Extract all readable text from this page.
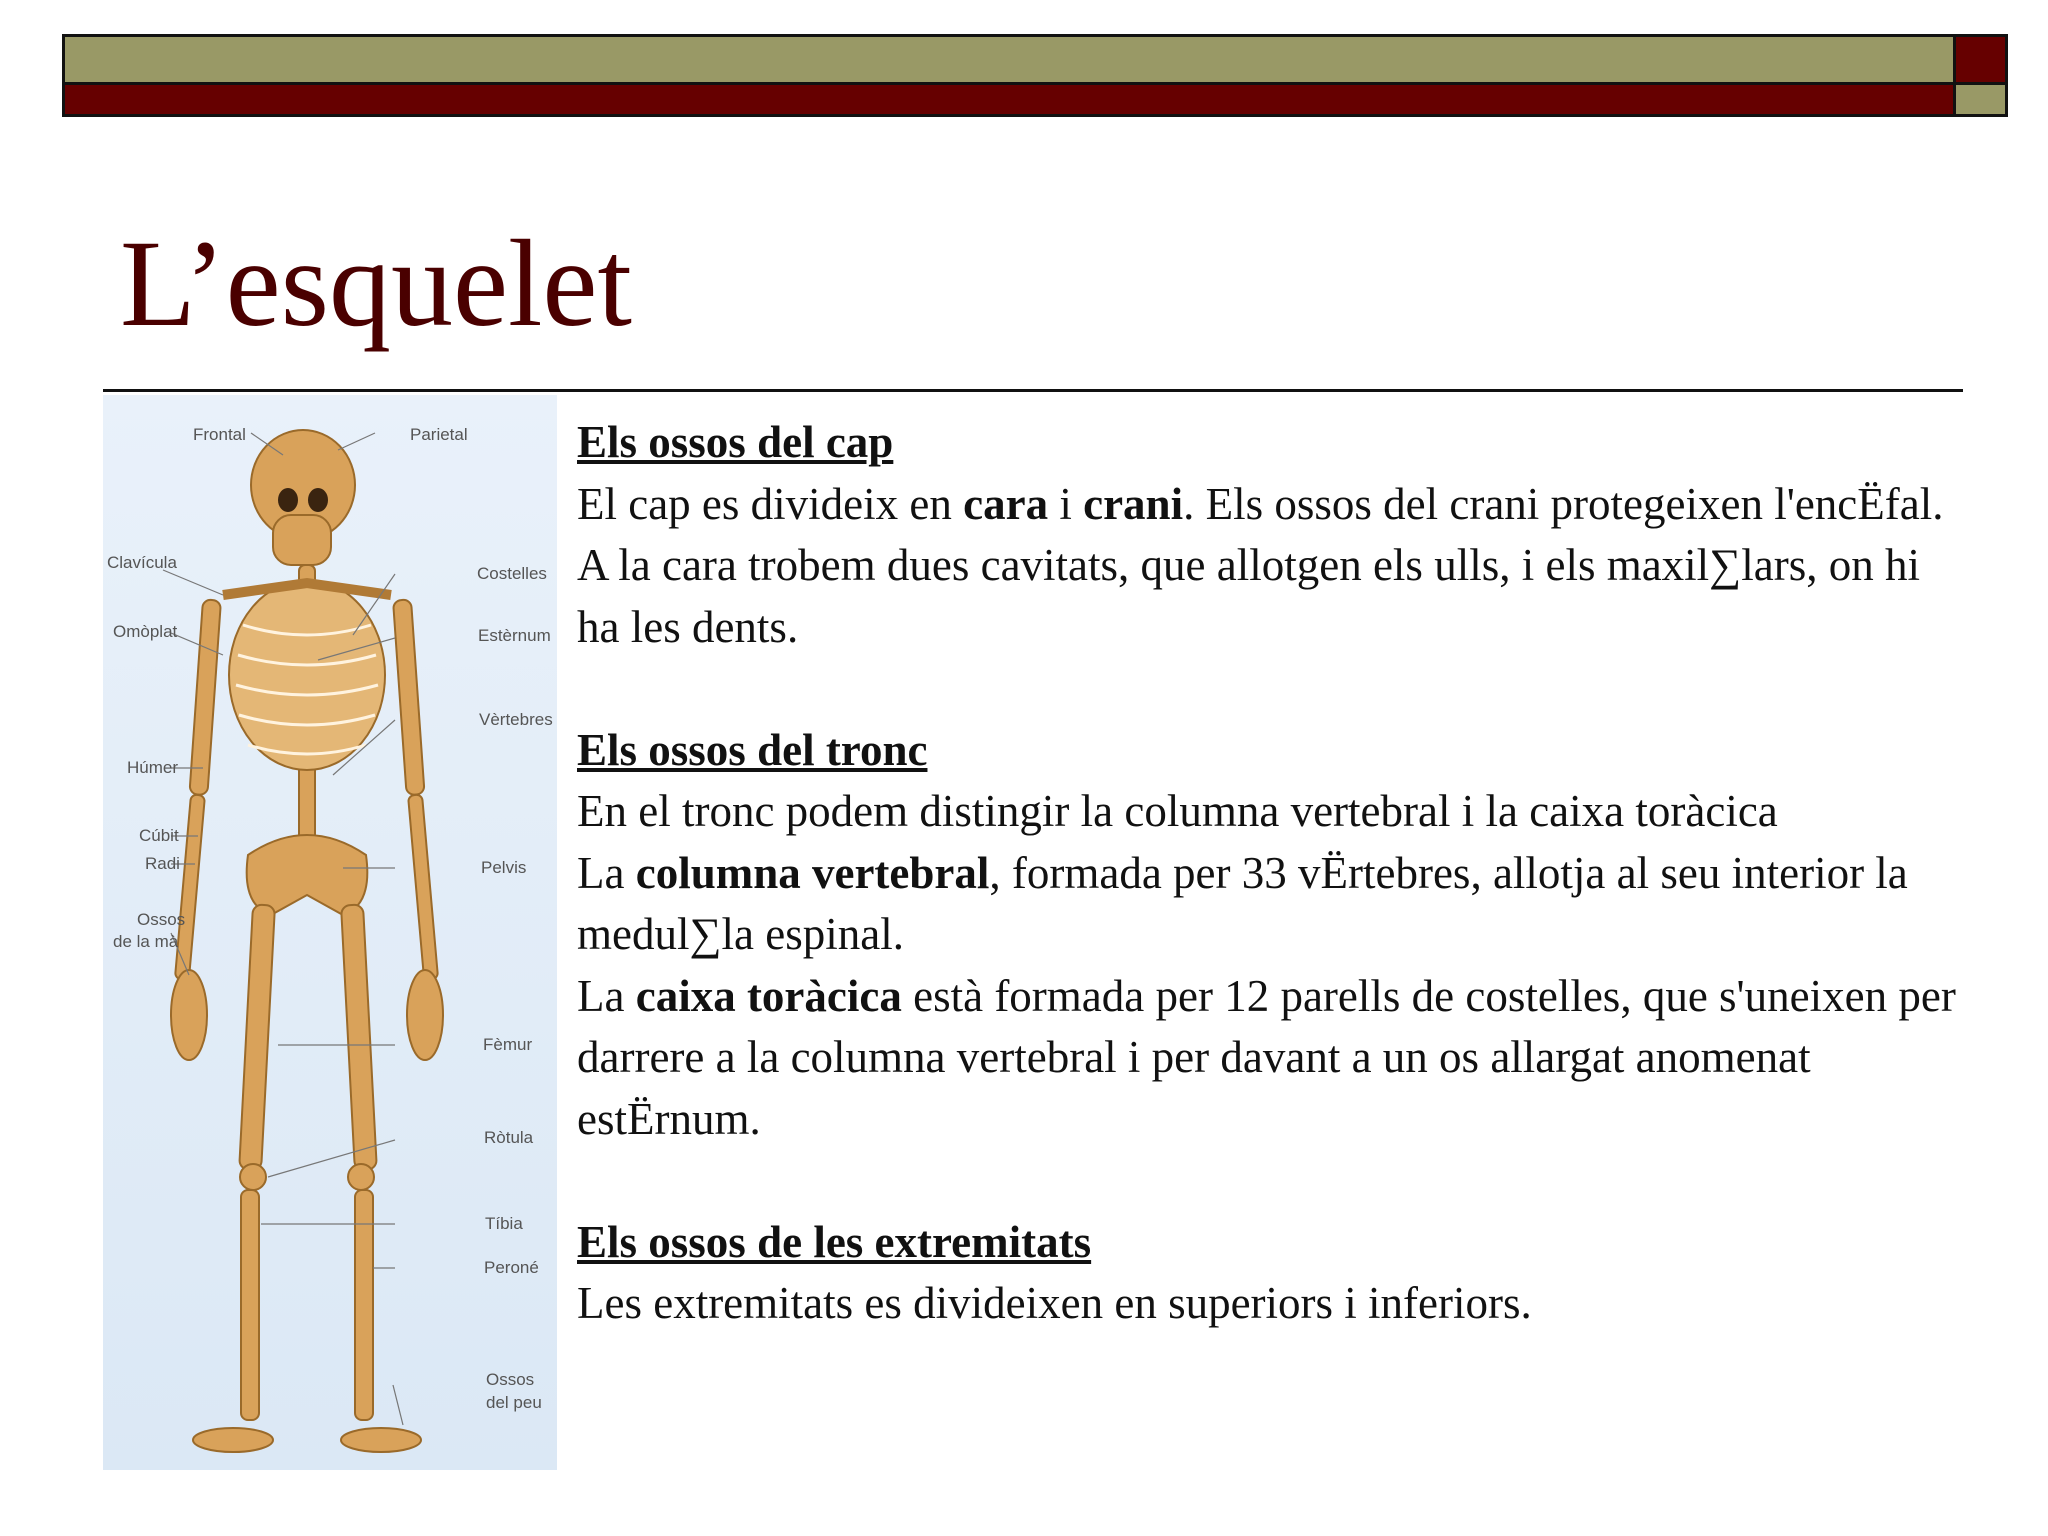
L’esquelet
Frontal	Parietal
Clavícula
Costelles
Omòplat	Estèrnum
Vèrtebres
Húmer
Cúbit
Radi	Pelvis
Ossos
de la mà
Fèmur
Ròtula
Tíbia
Peroné
Ossos
del peu

Els ossos del cap

El cap es divideix en cara i crani. Els ossos del crani protegeixen l'encËfal. A la cara trobem dues cavitats, que allotgen els ulls, i els maxil∑lars, on hi ha les dents.

Els ossos del tronc

En el tronc podem distingir la columna vertebral i la caixa toràcica

La columna vertebral, formada per 33 vËrtebres, allotja al seu interior la medul∑la espinal.

La caixa toràcica està formada per 12 parells de costelles, que s'uneixen per darrere a la columna vertebral i per davant a un os allargat anomenat estËrnum.

Els ossos de les extremitats

Les extremitats es divideixen en superiors i inferiors.
